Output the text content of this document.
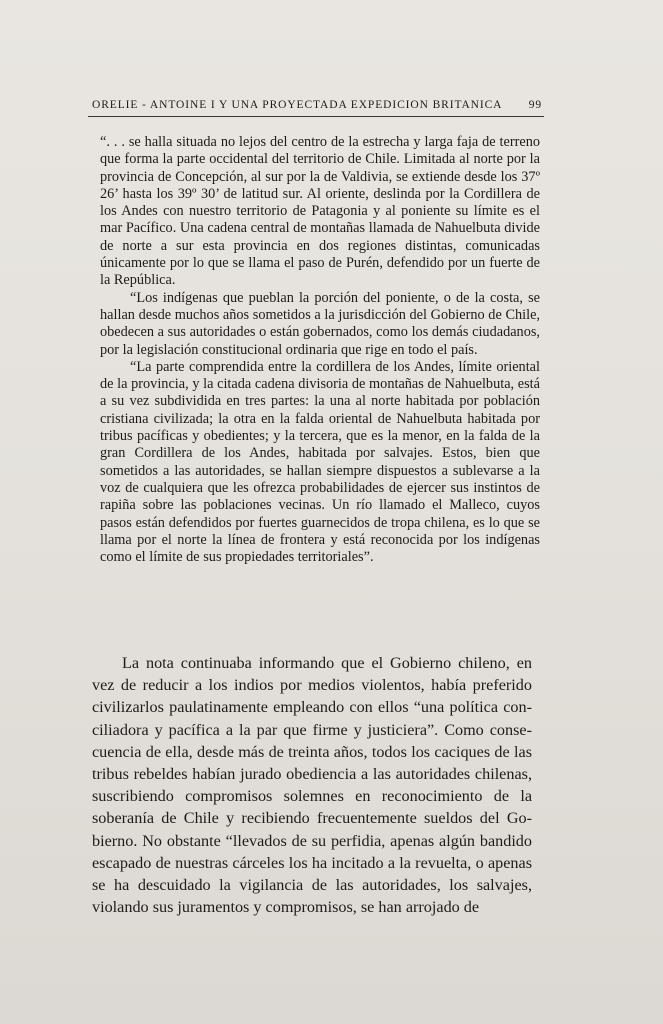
ORELIE - ANTOINE I Y UNA PROYECTADA EXPEDICION BRITANICA 99

“. . . se halla situada no lejos del centro de la estrecha y larga faja de terreno que forma la parte occidental del territorio de Chile. Limitada al norte por la provincia de Concepción, al sur por la de Valdivia, se extiende desde los 37º 26’ hasta los 39º 30’ de latitud sur. Al oriente, deslinda por la Cordillera de los Andes con nuestro territorio de Patagonia y al poniente su límite es el mar Pacífico. Una cadena central de montañas llamada de Nahuelbuta divide de norte a sur esta provincia en dos regiones distintas, comunicadas únicamente por lo que se llama el paso de Purén, defendido por un fuerte de la República.

“Los indígenas que pueblan la porción del poniente, o de la costa, se hallan desde muchos años sometidos a la jurisdicción del Gobierno de Chile, obedecen a sus autoridades o están gobernados, como los demás ciudadanos, por la legislación constitucional ordinaria que rige en todo el país.

“La parte comprendida entre la cordillera de los Andes, límite oriental de la provincia, y la citada cadena divisoria de montañas de Nahuelbuta, está a su vez subdividida en tres partes: la una al norte habitada por población cristiana civilizada; la otra en la falda oriental de Nahuelbuta habitada por tribus pacíficas y obedientes; y la tercera, que es la menor, en la falda de la gran Cordillera de los Andes, habitada por salvajes. Estos, bien que sometidos a las autoridades, se hallan siempre dispuestos a sublevarse a la voz de cualquiera que les ofrezca probabilidades de ejercer sus instintos de rapiña sobre las poblaciones vecinas. Un río llamado el Malleco, cuyos pasos están defendidos por fuertes guarnecidos de tropa chilena, es lo que se llama por el norte la línea de frontera y está reconocida por los indígenas como el límite de sus propiedades territoriales”.

La nota continuaba informando que el Gobierno chileno, en vez de reducir a los indios por medios violentos, había preferido civilizarlos paulatinamente empleando con ellos “una política conciliadora y pacífica a la par que firme y justiciera”. Como consecuencia de ella, desde más de treinta años, todos los caciques de las tribus rebeldes habían jurado obediencia a las autoridades chilenas, suscribiendo compromisos solemnes en reconocimiento de la soberanía de Chile y recibiendo frecuentemente sueldos del Gobierno. No obstante “llevados de su perfidia, apenas algún bandido escapado de nuestras cárceles los ha incitado a la revuelta, o apenas se ha descuidado la vigilancia de las autoridades, los salvajes, violando sus juramentos y compromisos, se han arrojado de
